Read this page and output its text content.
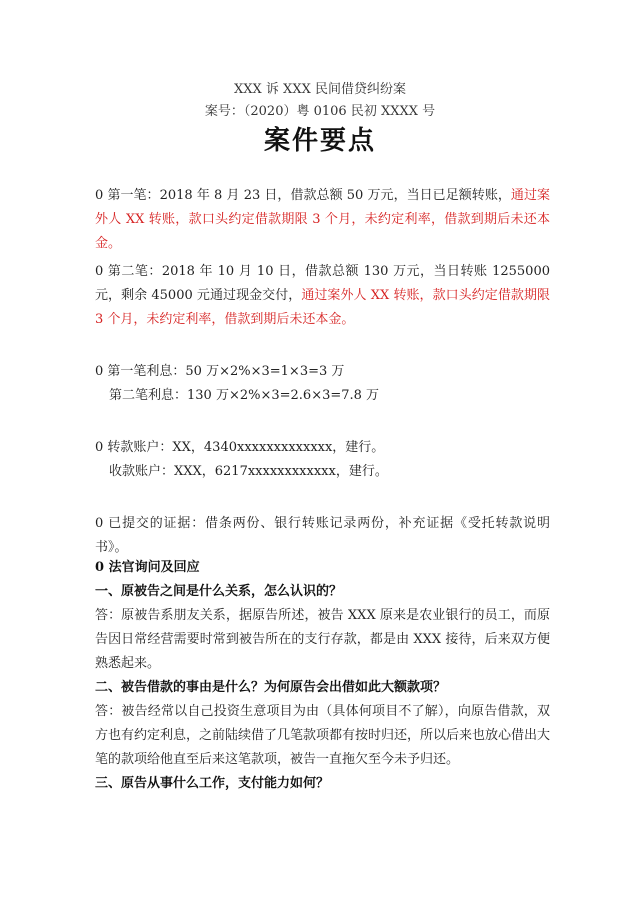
XXX 诉 XXX 民间借贷纠纷案
案号：（2020）粤 0106 民初 XXXX 号
案件要点
0 第一笔：2018 年 8 月 23 日，借款总额 50 万元，当日已足额转账，通过案外人 XX 转账，款口头约定借款期限 3 个月，未约定利率，借款到期后未还本金。
0 第二笔：2018 年 10 月 10 日，借款总额 130 万元，当日转账 1255000 元，剩余 45000 元通过现金交付，通过案外人 XX 转账，款口头约定借款期限 3 个月，未约定利率，借款到期后未还本金。
0 第一笔利息：50 万×2%×3=1×3=3 万
第二笔利息：130 万×2%×3=2.6×3=7.8 万
0 转款账户：XX，4340xxxxxxxxxxxxx，建行。
收款账户：XXX，6217xxxxxxxxxxxx，建行。
0 已提交的证据：借条两份、银行转账记录两份，补充证据《受托转款说明书》。
0 法官询问及回应
一、原被告之间是什么关系，怎么认识的？
答：原被告系朋友关系，据原告所述，被告 XXX 原来是农业银行的员工，而原告因日常经营需要时常到被告所在的支行存款，都是由 XXX 接待，后来双方便熟悉起来。
二、被告借款的事由是什么？为何原告会出借如此大额款项？
答：被告经常以自己投资生意项目为由（具体何项目不了解），向原告借款，双方也有约定利息，之前陆续借了几笔款项都有按时归还，所以后来也放心借出大笔的款项给他直至后来这笔款项，被告一直拖欠至今未予归还。
三、原告从事什么工作，支付能力如何？
